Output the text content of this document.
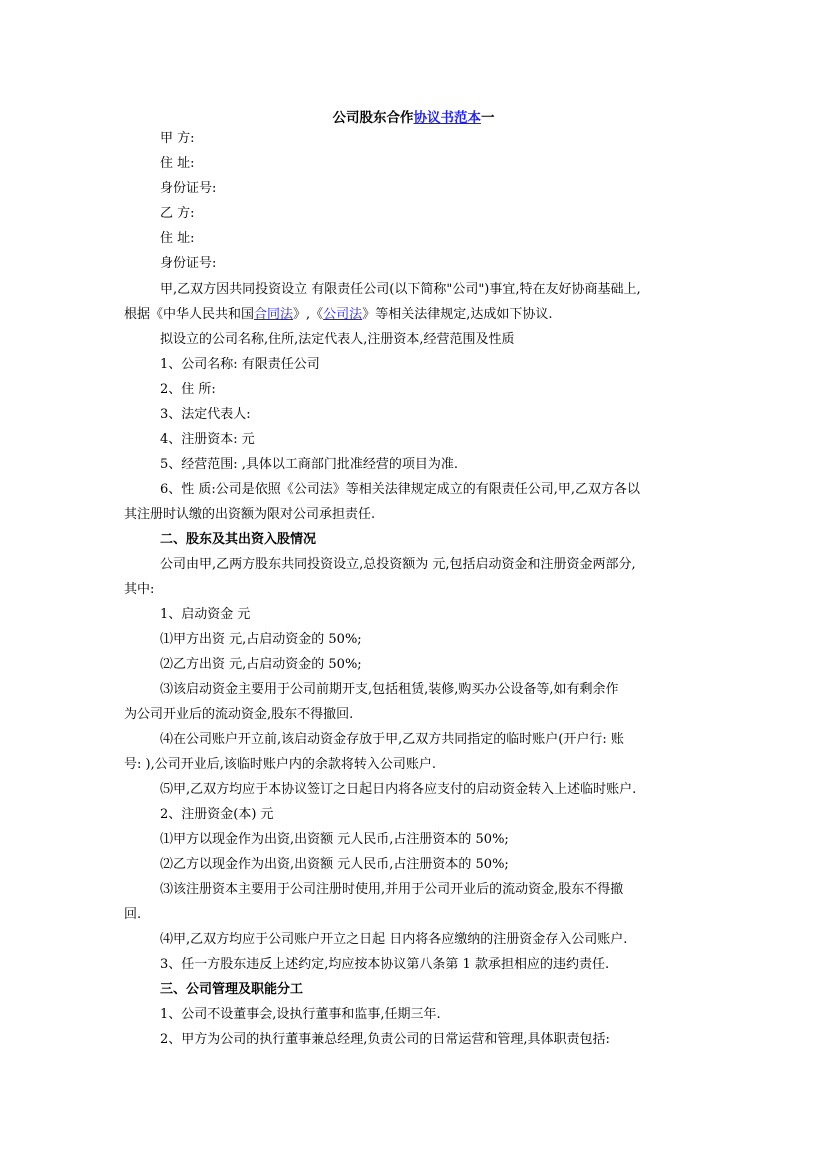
公司股东合作协议书范本一
甲 方:
住 址:
身份证号:
乙 方:
住 址:
身份证号:
甲,乙双方因共同投资设立 有限责任公司(以下简称"公司")事宜,特在友好协商基础上,
根据《中华人民共和国合同法》,《公司法》等相关法律规定,达成如下协议.
拟设立的公司名称,住所,法定代表人,注册资本,经营范围及性质
1、公司名称: 有限责任公司
2、住 所:
3、法定代表人:
4、注册资本: 元
5、经营范围: ,具体以工商部门批准经营的项目为准.
6、性 质:公司是依照《公司法》等相关法律规定成立的有限责任公司,甲,乙双方各以
其注册时认缴的出资额为限对公司承担责任.
二、股东及其出资入股情况
公司由甲,乙两方股东共同投资设立,总投资额为 元,包括启动资金和注册资金两部分,
其中:
1、启动资金 元
⑴甲方出资 元,占启动资金的 50%;
⑵乙方出资 元,占启动资金的 50%;
⑶该启动资金主要用于公司前期开支,包括租赁,装修,购买办公设备等,如有剩余作
为公司开业后的流动资金,股东不得撤回.
⑷在公司账户开立前,该启动资金存放于甲,乙双方共同指定的临时账户(开户行: 账
号: ),公司开业后,该临时账户内的余款将转入公司账户.
⑸甲,乙双方均应于本协议签订之日起日内将各应支付的启动资金转入上述临时账户.
2、注册资金(本) 元
⑴甲方以现金作为出资,出资额 元人民币,占注册资本的 50%;
⑵乙方以现金作为出资,出资额 元人民币,占注册资本的 50%;
⑶该注册资本主要用于公司注册时使用,并用于公司开业后的流动资金,股东不得撤
回.
⑷甲,乙双方均应于公司账户开立之日起 日内将各应缴纳的注册资金存入公司账户.
3、任一方股东违反上述约定,均应按本协议第八条第 1 款承担相应的违约责任.
三、公司管理及职能分工
1、公司不设董事会,设执行董事和监事,任期三年.
2、甲方为公司的执行董事兼总经理,负责公司的日常运营和管理,具体职责包括:
